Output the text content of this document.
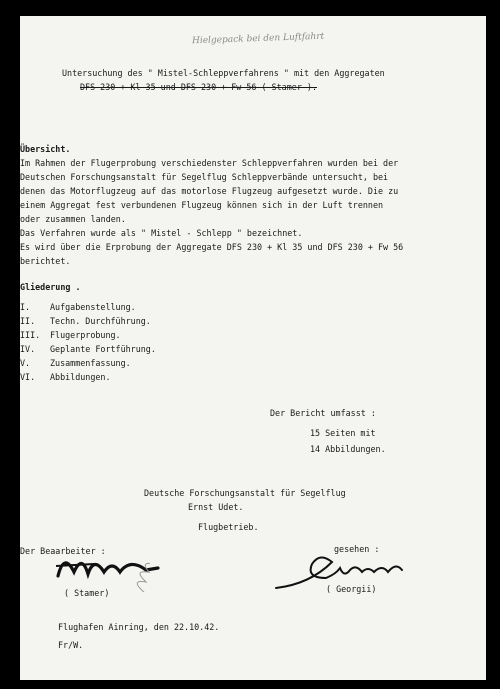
Hielgepack bei den Luftfahrt
Untersuchung des " Mistel-Schleppverfahrens " mit den Aggregaten
DFS 230 + Kl 35 und DFS 230 + Fw 56 ( Stamer ).
Übersicht.
Im Rahmen der Flugerprobung verschiedenster Schleppverfahren wurden bei der
Deutschen Forschungsanstalt für Segelflug Schleppverbände untersucht, bei
denen das Motorflugzeug auf das motorlose Flugzeug aufgesetzt wurde. Die zu
einem Aggregat fest verbundenen Flugzeug können sich in der Luft trennen
oder zusammen landen.
Das Verfahren wurde als " Mistel - Schlepp " bezeichnet.
Es wird über die Erprobung der Aggregate DFS 230 + Kl 35 und DFS 230 + Fw 56
berichtet.
Gliederung .
I. Aufgabenstellung.
II. Techn. Durchführung.
III. Flugerprobung.
IV. Geplante Fortführung.
V. Zusammenfassung.
VI. Abbildungen.
Der Bericht umfasst :
15 Seiten mit
14 Abbildungen.
Deutsche Forschungsanstalt für Segelflug
Ernst Udet.
Flugbetrieb.
Der Beaarbeiter :
( Stamer)
gesehen :
( Georgii)
Flughafen Ainring, den 22.10.42.
Fr/W.
